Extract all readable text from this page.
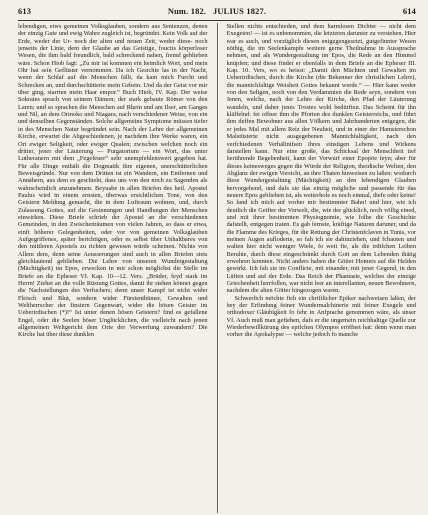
613	Num. 182. JULIUS 1827.	614

lebendigen, etws gemeinen Volksglauben, sondern aus Sentenzen, denen der einzig Gute und ewig Wahre zugleich ist, begründet. Kein Volk auf der Erde, weder der Ur- noch der alten und neuen Zeit, weder diese- noch jenseits der Linie, dem der Glaube an das Geistige, fouctis körperloser Wesen, die ihm bald freundlich, bald schreckend nahen, fremd geblieben wäre. Schon Hiob fagt: „Zu mir ist kommen ein heimlich Wort, und mein Ohr hat sein Geflüster vernommen. Da ich Gesichte las in der Nacht, wenn der Schlaf auf die Menschen fällt, da kam mich Furcht und Schrecken an, und durchschütterte mein Gebein. Und da der Geist vor mir über ging, starrten mein Haar empor.“ Buch Hiob, IV. Kap. Der weise Sokrates sprach von seinem Dämon; der stark gebaute Römer von den Laren; und so sprachen die Menschen auf Rhein und am Ilser, am Ganges und Nil, an dem Orinoko und Niagara, nach verschiedener Weise, von ein und denselben Gegenständen. Solche allgemeine Symptome müssen tiefer in des Menschen Natur begründet sein. Nach der Lehre der allgemeinen Kirche, erwartet die Abgeschiedenen, je nachdem ihre Werke waren, ein Ort ewiger Seligkeit, oder ewiger Qualen; zwischen welchen noch ein dritter, jener der Läuterung — Purgatorium — ein Wort, das unter Lutheranern mit dem „Fegefeuer“ sehr unempfehlenswert gegeben hat. Für alle Dinge enthält die Dogmatik ihre eigenen, unerschütterlichen Beweisgründe. Nur von dem Dritten ist ein Wandern, ein Entfernen und Annähern, aus dem es geschieht, dass uns von den noch zu Sagenden als wahrscheinlich anzunehmen. Beyuabe in allen Briefen des heil. Apostel Paulus wird in einem ernsten, überwas ersichtlichen Tone, von den Geistern Meldung gemacht, die in dem Luftraum wohnen, und, durch Zulassung Gottes, auf die Gesinnungen und Handlungen der Menschen einwirken. Diese Briefe schrieb der Apostel an die verschiedenen Gemeinden, in den Zwischenräumen von vielen Jahren, so dass er etwa, einft höherer Gelegenheiten, oder vor von gemeinen Volksglauben Aufgegriffenes, später berichtigen, oder es selbst über Unhaltbares von den mittleren Apostels zu richten gewesen würde scheinen. Nichts von Allem dem, denn seine Aeusserungen sind auch in allen Briefen stets gleichlautend geblieben. Die Lehre von unseren Wundergestaltung (Mächtigkeit) im Epos, erwecken in mir schon möglichst die Stelle im Briefe an die Epheser VI. Kap. 10—12. Vers. „Brüder, feyd stark im Herrn! Ziehet an die volle Rüstung Gottes, damit ihr stehen könnet gegen die Nachstellungen des Verfuchers; denn unser Kampf ist nicht wider Fleisch und Blut, sondern wider Fürstenthümer, Gewalten und Weltherrscher der finstern Gegenwart, wider die bösen Geister im Ueberirdischen (*)!“ Ist unter denen bösen Geistern? find es gefallene Engel, oder die Seelen böser Unglücklichen, die vielleicht nach jenen allgemeinen Weltgericht dem Orte der Verwerfung zuwandern? Die Kirche hat über diese dunklen

Stellen nichts entschieden, und dem harmlosen Dichter — nicht dem Exegeten! — ist es unbenommen, die letzteren darunter zu verstehen. Hier war es auch, und vorzüglich diesen entgegengesetzt, gutgefinnter Wesen nöthig, die im Seelenkampfe weitere gerne Theilnahme in Aussprache nehmen, und als Wundergestaltung im Epos, die Rede an den Himmel knüpfen; und diese findet er ebenfalls in dem Briefe an die Epheser III. Kap. 10. Vers, wo es heisst: „Damit den Mächten und Gewalten im Ueberirdischen, durch die Kirche (die Bekenner der christlichen Lehre), die mannichfaltige Weisheit Gottes bekannt werde.“ — Hier kann weder von den Seligen, noch von den Verdammten die Rede seyn, sondern von Jenen, welche, nach der Lehre der Kirche, den Pfad der Läuterung wandeln, und daher jenes Trostes wohl bedürften. Das Scheint für ihn kläffelnd: fei offner ihm die Pforten des dunklen Geisterreichs, und führt ihm deffen Bewohner aus allen Völkern und Jahrhunderten entgegen, die er jedes Mal mit allem Reiz der Neuheit, und in einer der Hamsterschon Malstüsterte nicht ausgegebenen Mannichfaltigkeit, nach den verfchiedenen Verhältnifsen ihres einstigen Lebens und Wirkens darstellen kann. Nur eine große, das Schicksal der Menschheit tief berührende Begebenheit, kann der Vorwurf einer Epopöe feyn; aber für dieses keinesweges gegen die Würde der Religion, theidische Welten, den Abglanz der ewigen Vorsicht, an ihre Thaten hinweisen zu laßen: wodurch diese Wundergestaltung (Mächtigkeit) an den lebendigen Glauben hervorgehend, und dafs sie das einzig mögliche und passende für das neuere Epos geblieben ist, als weiterhole es noch einmal, diefe oder keine! So fand ich mich auf vorher mir bestimmter Bahn! und hier, wie ich deutlich die Geifter der Vorwelt, die, wie der glücklich, noch völlig eined, und mit ihrer bestimmten Physiognomie, wie folbe die Geschichte dafstellt, entgegen traten. Es gab fernste, kräftige Naturen daruner, und da die Flamme des Krieges, für die Rettung der Christenfclaven in Tunis, vor meinen Augen aufloderte, so fah ich sie dahinziehen, und fchauten und walten hier nicht weniger Wiele, fo weit fie, als die irdifchen Leiben Beruhte, durch diese eingeschränkt durch Gott an dem Lebenden thätig erwehren konnten. Nicht anders haben die Götter Homers auf die Helden gewirkt. Ich fah sie im Conflicte, mit einander, mit jener Gegend, in den Lüften und auf der Erde. Das Reich der Phantasie, welches der einzige Griechenheit herrfollen, war nicht leer an interellanten, neuen Bewohnern, nachdem die alten Götter hingezogen waren.

Schwerlich möchte fich ein chriftlicher Epiker nachweisen laßen, der bey der Erfindung feiner Wundermalchinerie mit feiner Exegele und orthodoxer Gläubigkeit fo fehr in Anfprache genommen wäre, als unser Vf. Auch muß man geftehen, dafs er die ungemein reichhaltige Quelle zur Wiederbewillkürung des epifchen Olympos eröffnet hat: denn wenn man vorher die Apokalypse — welche jedoch fo manche
